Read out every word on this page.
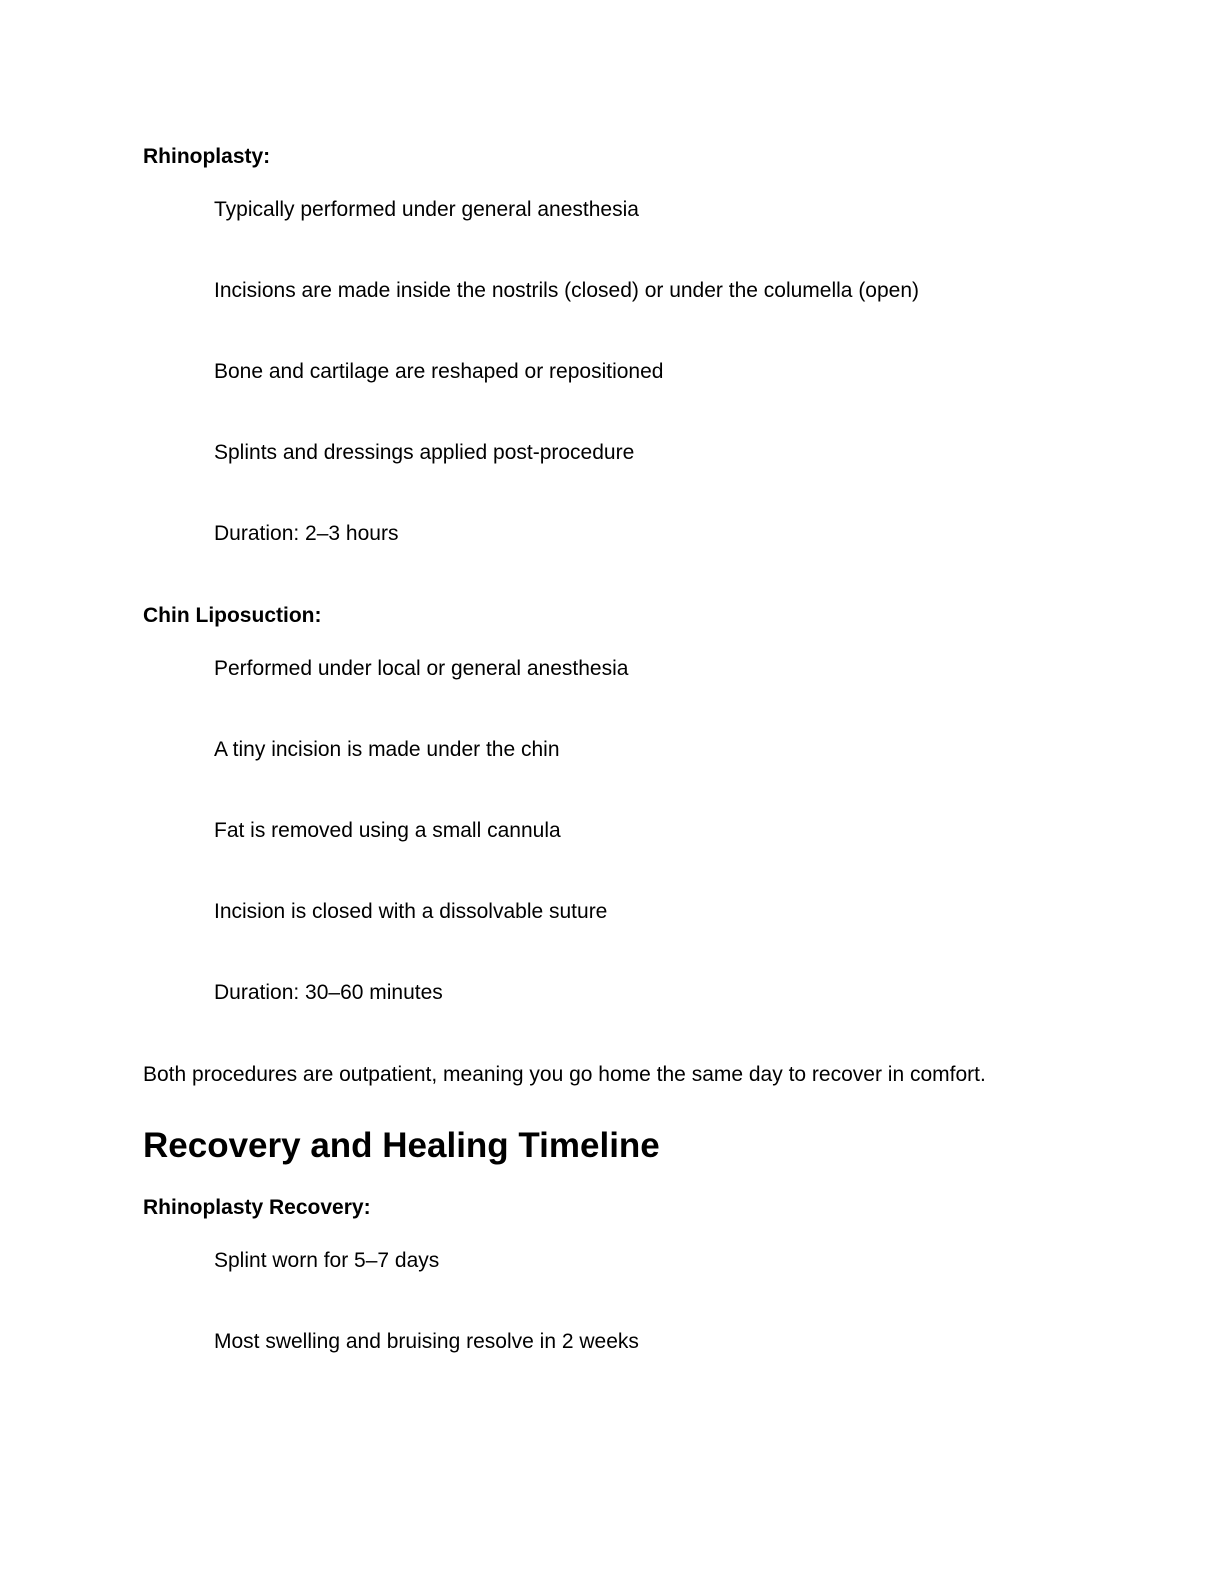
Rhinoplasty:
Typically performed under general anesthesia
Incisions are made inside the nostrils (closed) or under the columella (open)
Bone and cartilage are reshaped or repositioned
Splints and dressings applied post-procedure
Duration: 2–3 hours
Chin Liposuction:
Performed under local or general anesthesia
A tiny incision is made under the chin
Fat is removed using a small cannula
Incision is closed with a dissolvable suture
Duration: 30–60 minutes
Both procedures are outpatient, meaning you go home the same day to recover in comfort.
Recovery and Healing Timeline
Rhinoplasty Recovery:
Splint worn for 5–7 days
Most swelling and bruising resolve in 2 weeks
